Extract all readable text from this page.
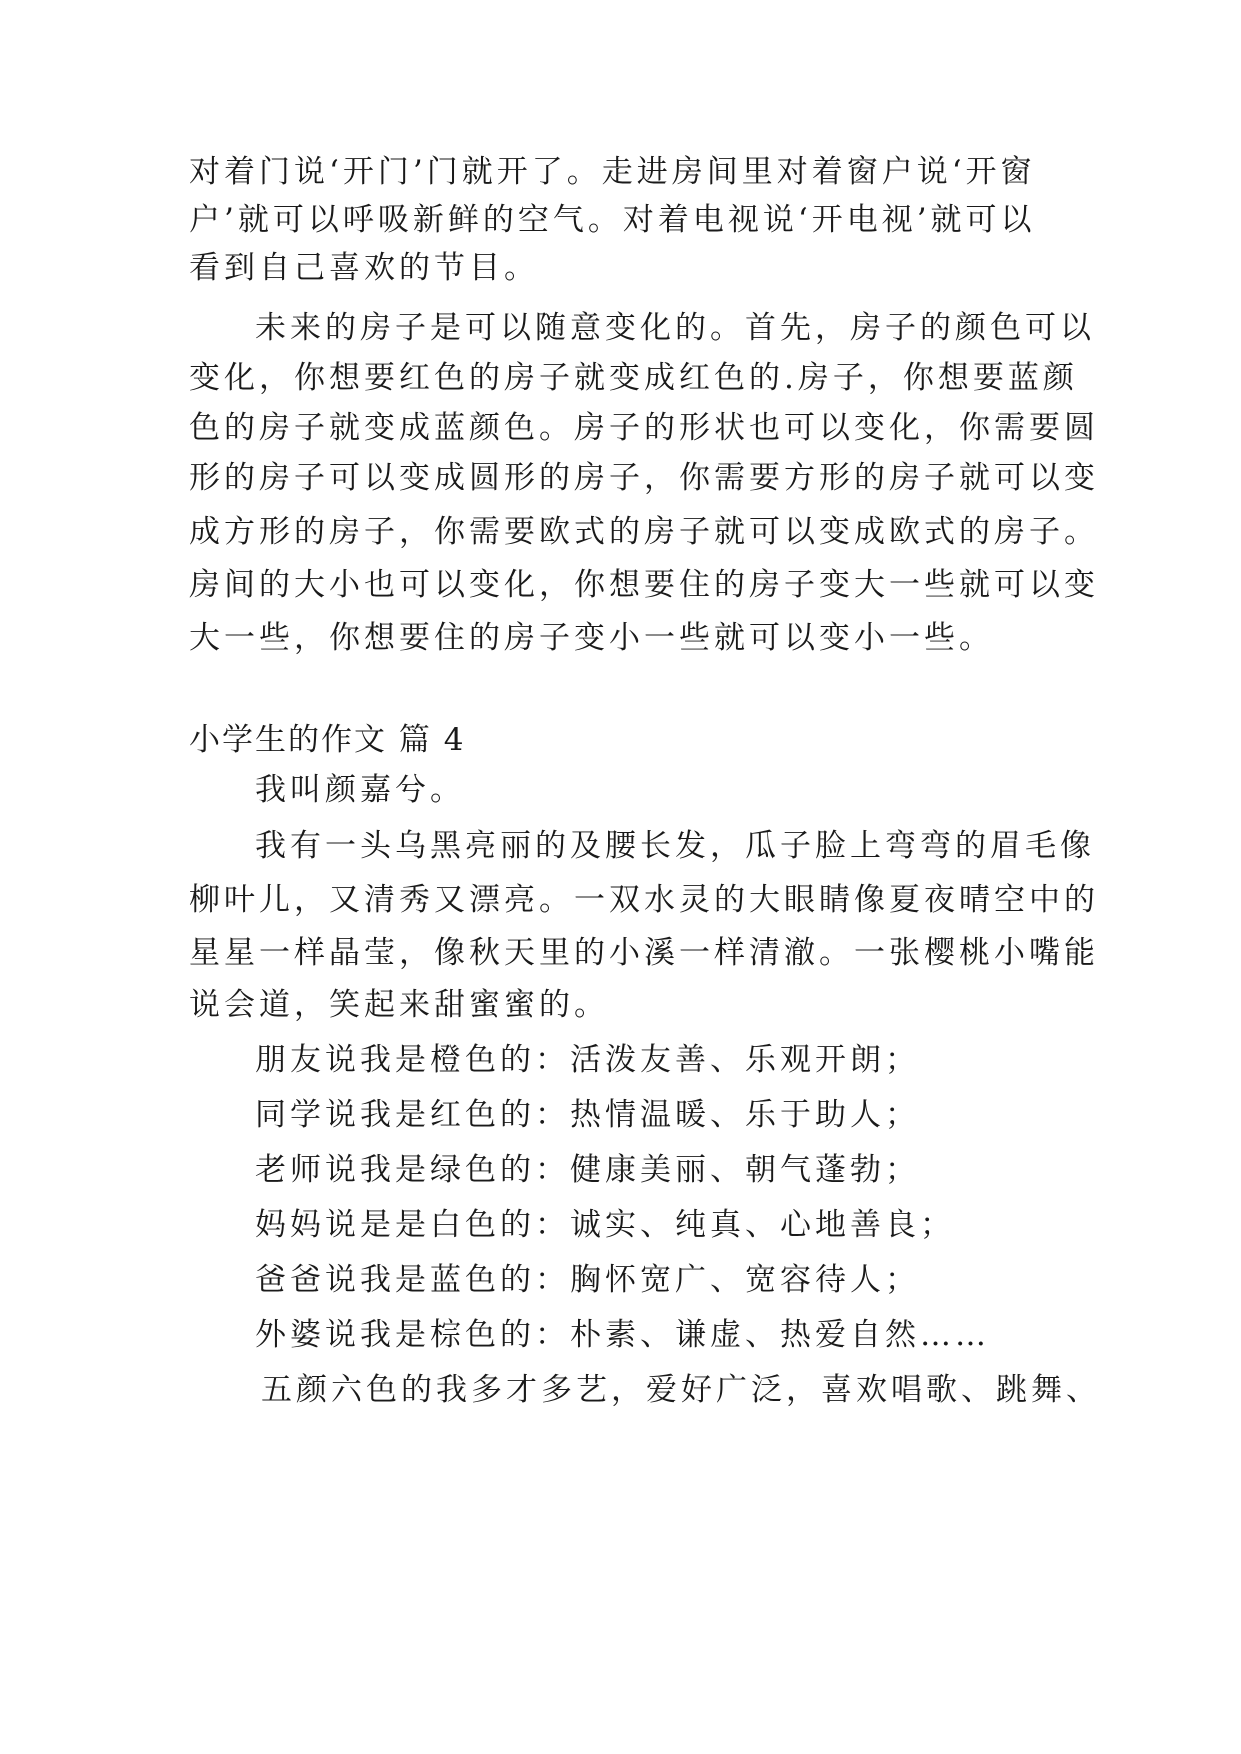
对着门说‘开门’门就开了。走进房间里对着窗户说‘开窗
户’就可以呼吸新鲜的空气。对着电视说‘开电视’就可以
看到自己喜欢的节目。
未来的房子是可以随意变化的。首先，房子的颜色可以
变化，你想要红色的房子就变成红色的.房子，你想要蓝颜
色的房子就变成蓝颜色。房子的形状也可以变化，你需要圆
形的房子可以变成圆形的房子，你需要方形的房子就可以变
成方形的房子，你需要欧式的房子就可以变成欧式的房子。
房间的大小也可以变化，你想要住的房子变大一些就可以变
大一些，你想要住的房子变小一些就可以变小一些。
小学生的作文 篇 4
我叫颜嘉兮。
我有一头乌黑亮丽的及腰长发，瓜子脸上弯弯的眉毛像
柳叶儿，又清秀又漂亮。一双水灵的大眼睛像夏夜晴空中的
星星一样晶莹，像秋天里的小溪一样清澈。一张樱桃小嘴能
说会道，笑起来甜蜜蜜的。
朋友说我是橙色的：活泼友善、乐观开朗；
同学说我是红色的：热情温暖、乐于助人；
老师说我是绿色的：健康美丽、朝气蓬勃；
妈妈说是是白色的：诚实、纯真、心地善良；
爸爸说我是蓝色的：胸怀宽广、宽容待人；
外婆说我是棕色的：朴素、谦虚、热爱自然……
五颜六色的我多才多艺，爱好广泛，喜欢唱歌、跳舞、
